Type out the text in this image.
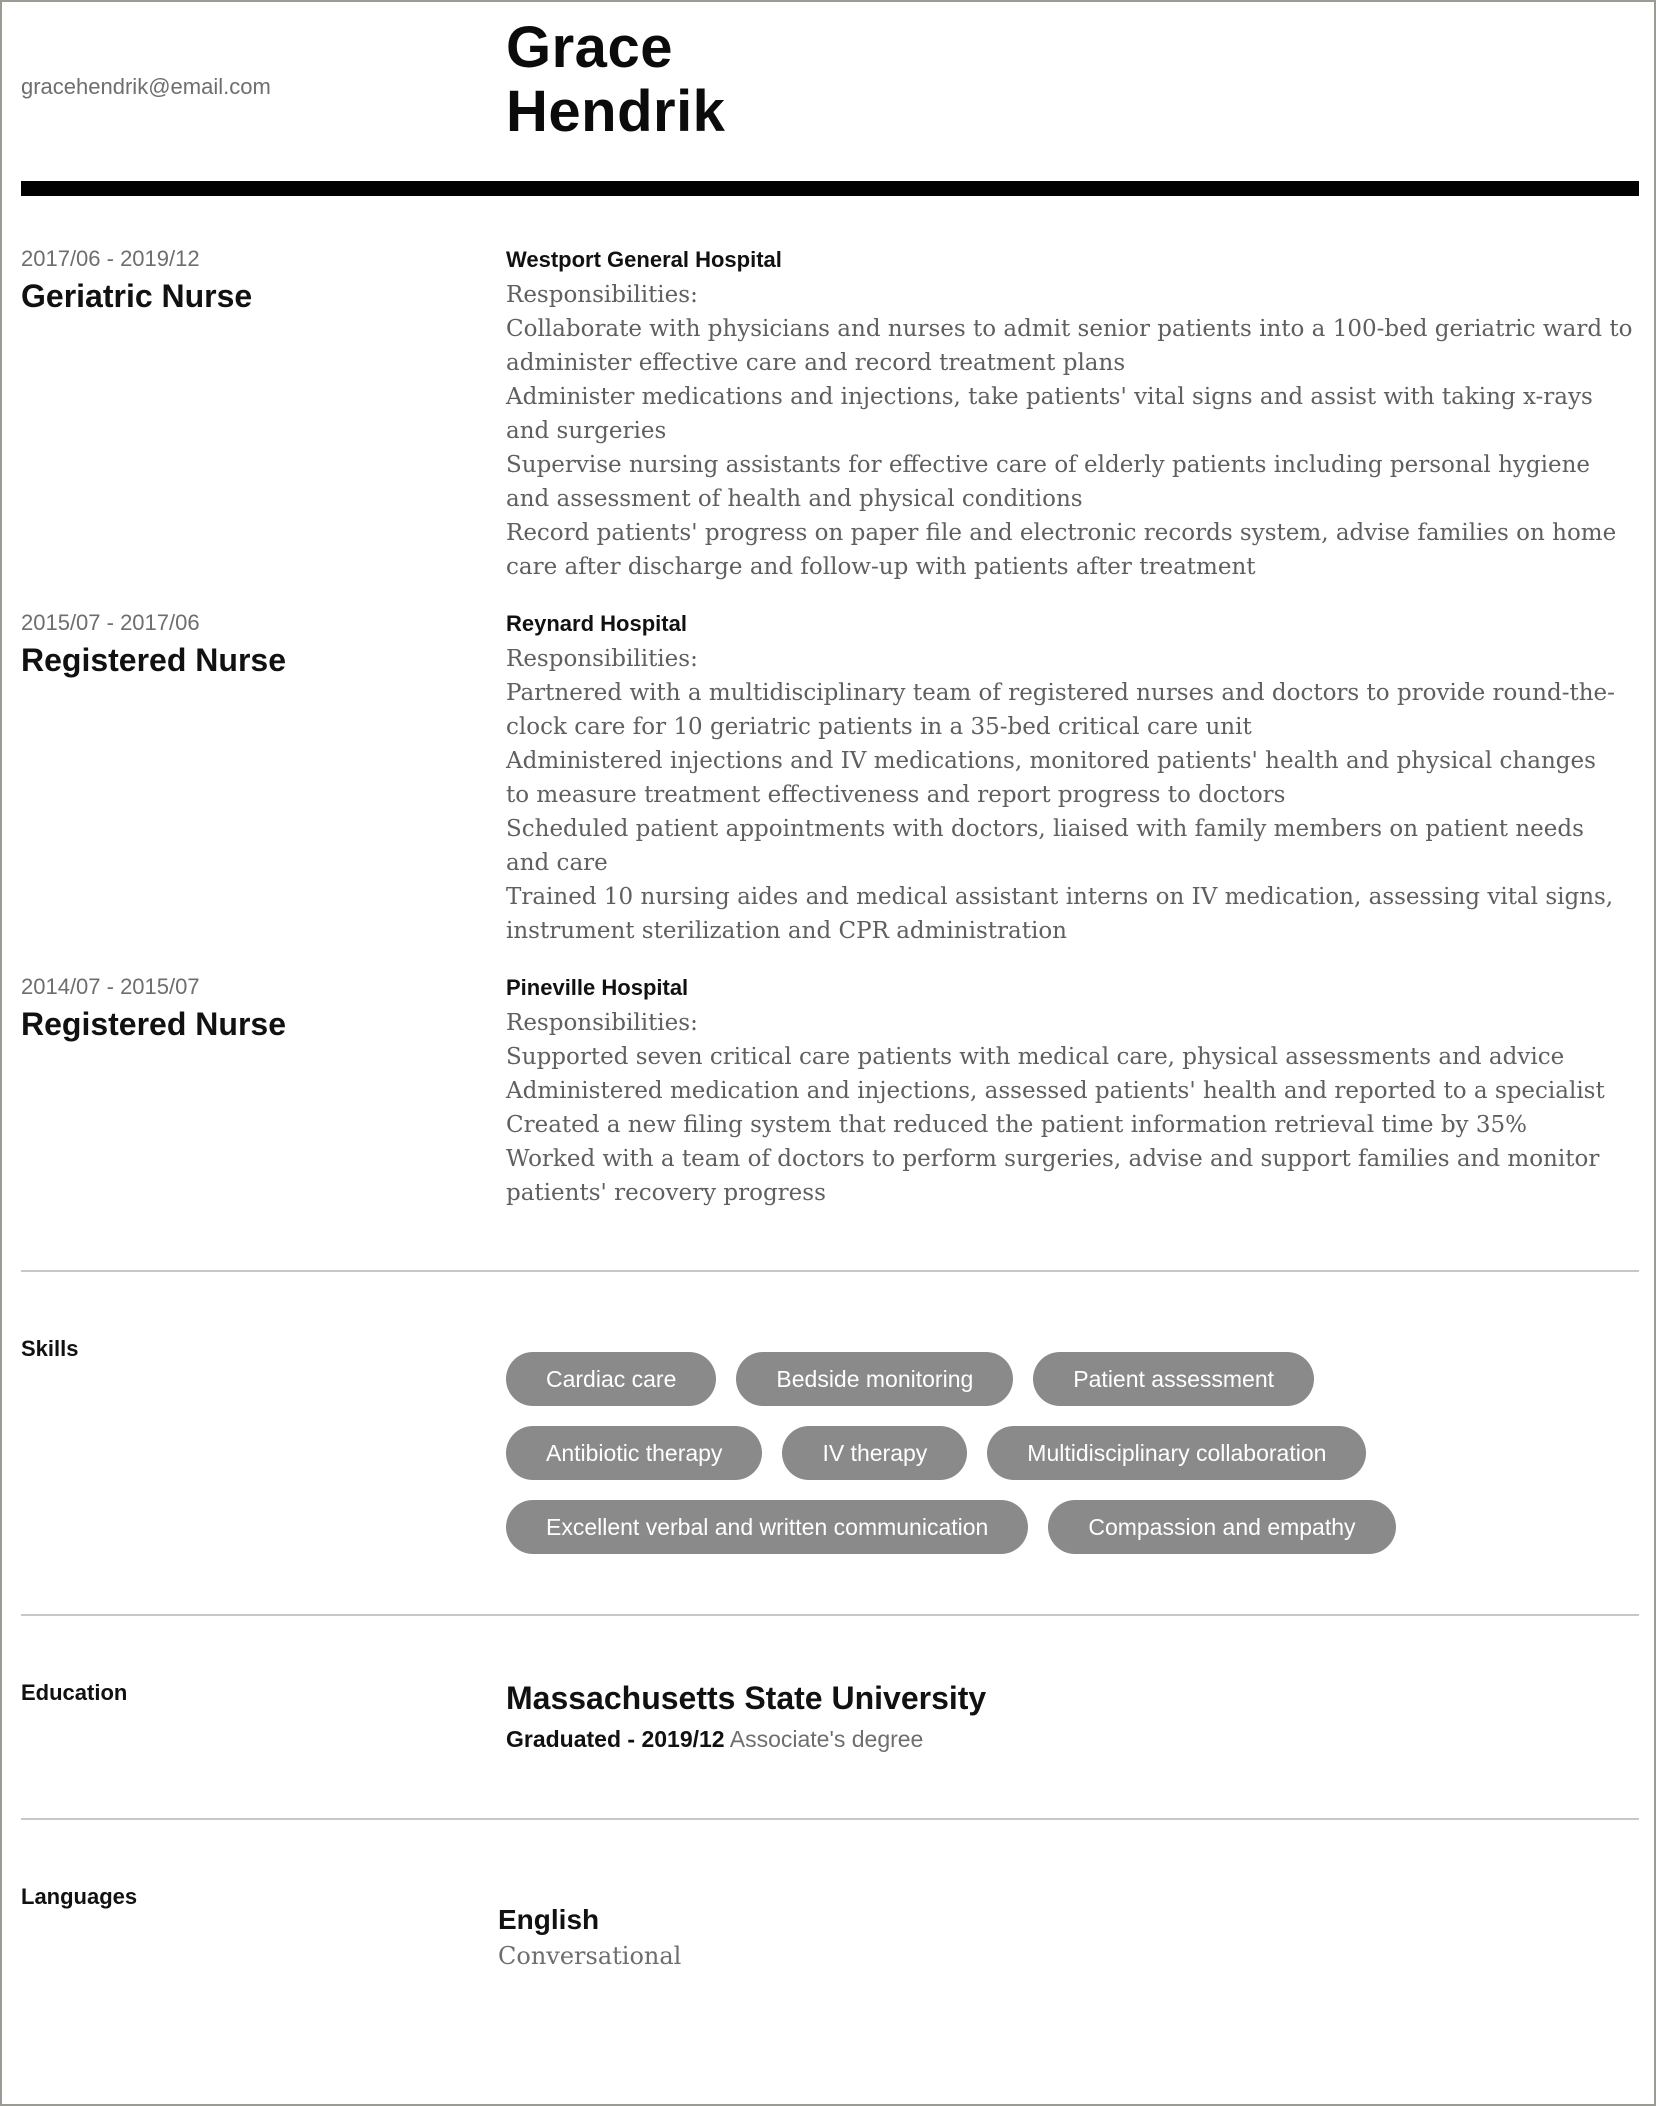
gracehendrik@email.com
Grace
Hendrik
2017/06 - 2019/12
Geriatric Nurse
Westport General Hospital
Responsibilities:
Collaborate with physicians and nurses to admit senior patients into a 100-bed geriatric ward to
administer effective care and record treatment plans
Administer medications and injections, take patients' vital signs and assist with taking x-rays
and surgeries
Supervise nursing assistants for effective care of elderly patients including personal hygiene
and assessment of health and physical conditions
Record patients' progress on paper file and electronic records system, advise families on home
care after discharge and follow-up with patients after treatment
2015/07 - 2017/06
Registered Nurse
Reynard Hospital
Responsibilities:
Partnered with a multidisciplinary team of registered nurses and doctors to provide round-the-
clock care for 10 geriatric patients in a 35-bed critical care unit
Administered injections and IV medications, monitored patients' health and physical changes
to measure treatment effectiveness and report progress to doctors
Scheduled patient appointments with doctors, liaised with family members on patient needs
and care
Trained 10 nursing aides and medical assistant interns on IV medication, assessing vital signs,
instrument sterilization and CPR administration
2014/07 - 2015/07
Registered Nurse
Pineville Hospital
Responsibilities:
Supported seven critical care patients with medical care, physical assessments and advice
Administered medication and injections, assessed patients' health and reported to a specialist
Created a new filing system that reduced the patient information retrieval time by 35%
Worked with a team of doctors to perform surgeries, advise and support families and monitor
patients' recovery progress
Skills
Cardiac care	Bedside monitoring	Patient assessment
Antibiotic therapy	IV therapy	Multidisciplinary collaboration
Excellent verbal and written communication	Compassion and empathy
Education	Massachusetts State University
Graduated - 2019/12 Associate's degree
Languages
English
Conversational
